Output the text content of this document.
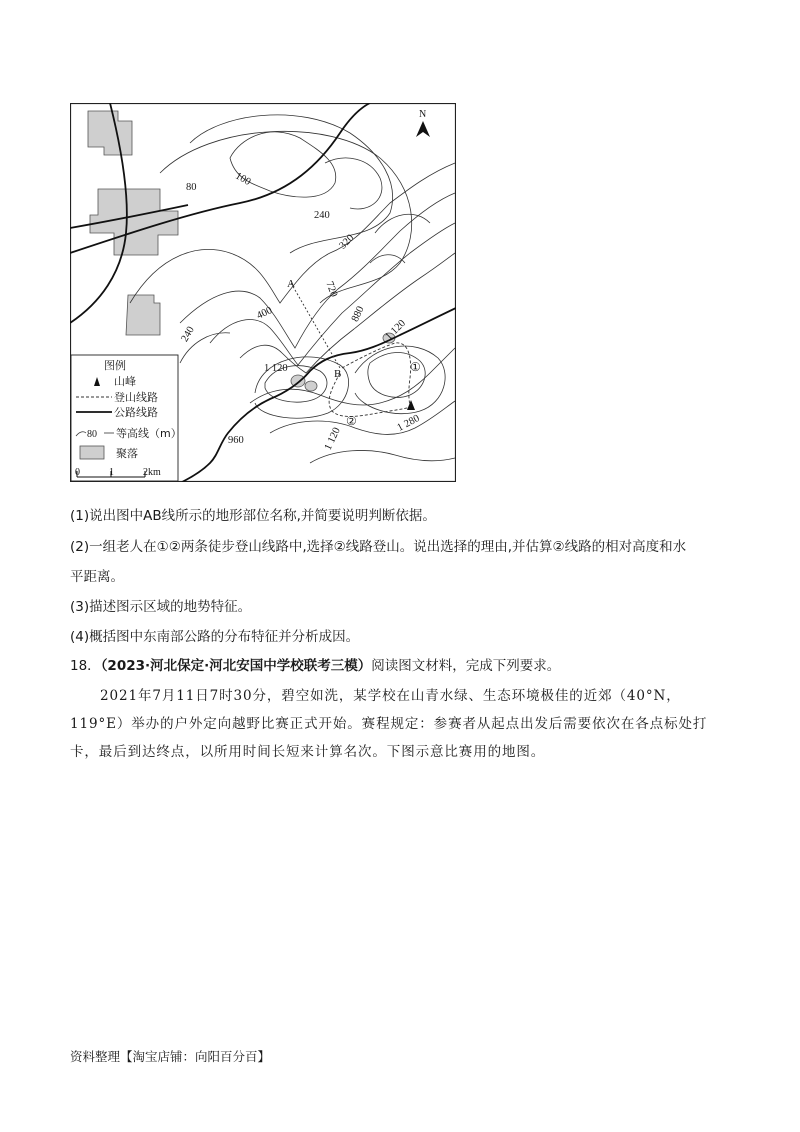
N
A
B	①
②
80	100
240
320
400
720
880
1 120
240
1 120
1 280
960	1 120
图例
山峰
登山线路
公路线路
80 等高线（m）
聚落
0	1	2km
(1)说出图中AB线所示的地形部位名称,并简要说明判断依据。
(2)一组老人在①②两条徒步登山线路中,选择②线路登山。说出选择的理由,并估算②线路的相对高度和水
平距离。
(3)描述图示区域的地势特征。
(4)概括图中东南部公路的分布特征并分析成因。
18．（2023·河北保定·河北安国中学校联考三模）阅读图文材料，完成下列要求。
2021年7月11日7时30分，碧空如洗，某学校在山青水绿、生态环境极佳的近郊（40°N，119°E）举办的户外定向越野比赛正式开始。赛程规定：参赛者从起点出发后需要依次在各点标处打卡，最后到达终点，以所用时间长短来计算名次。下图示意比赛用的地图。
资料整理【淘宝店铺：向阳百分百】
